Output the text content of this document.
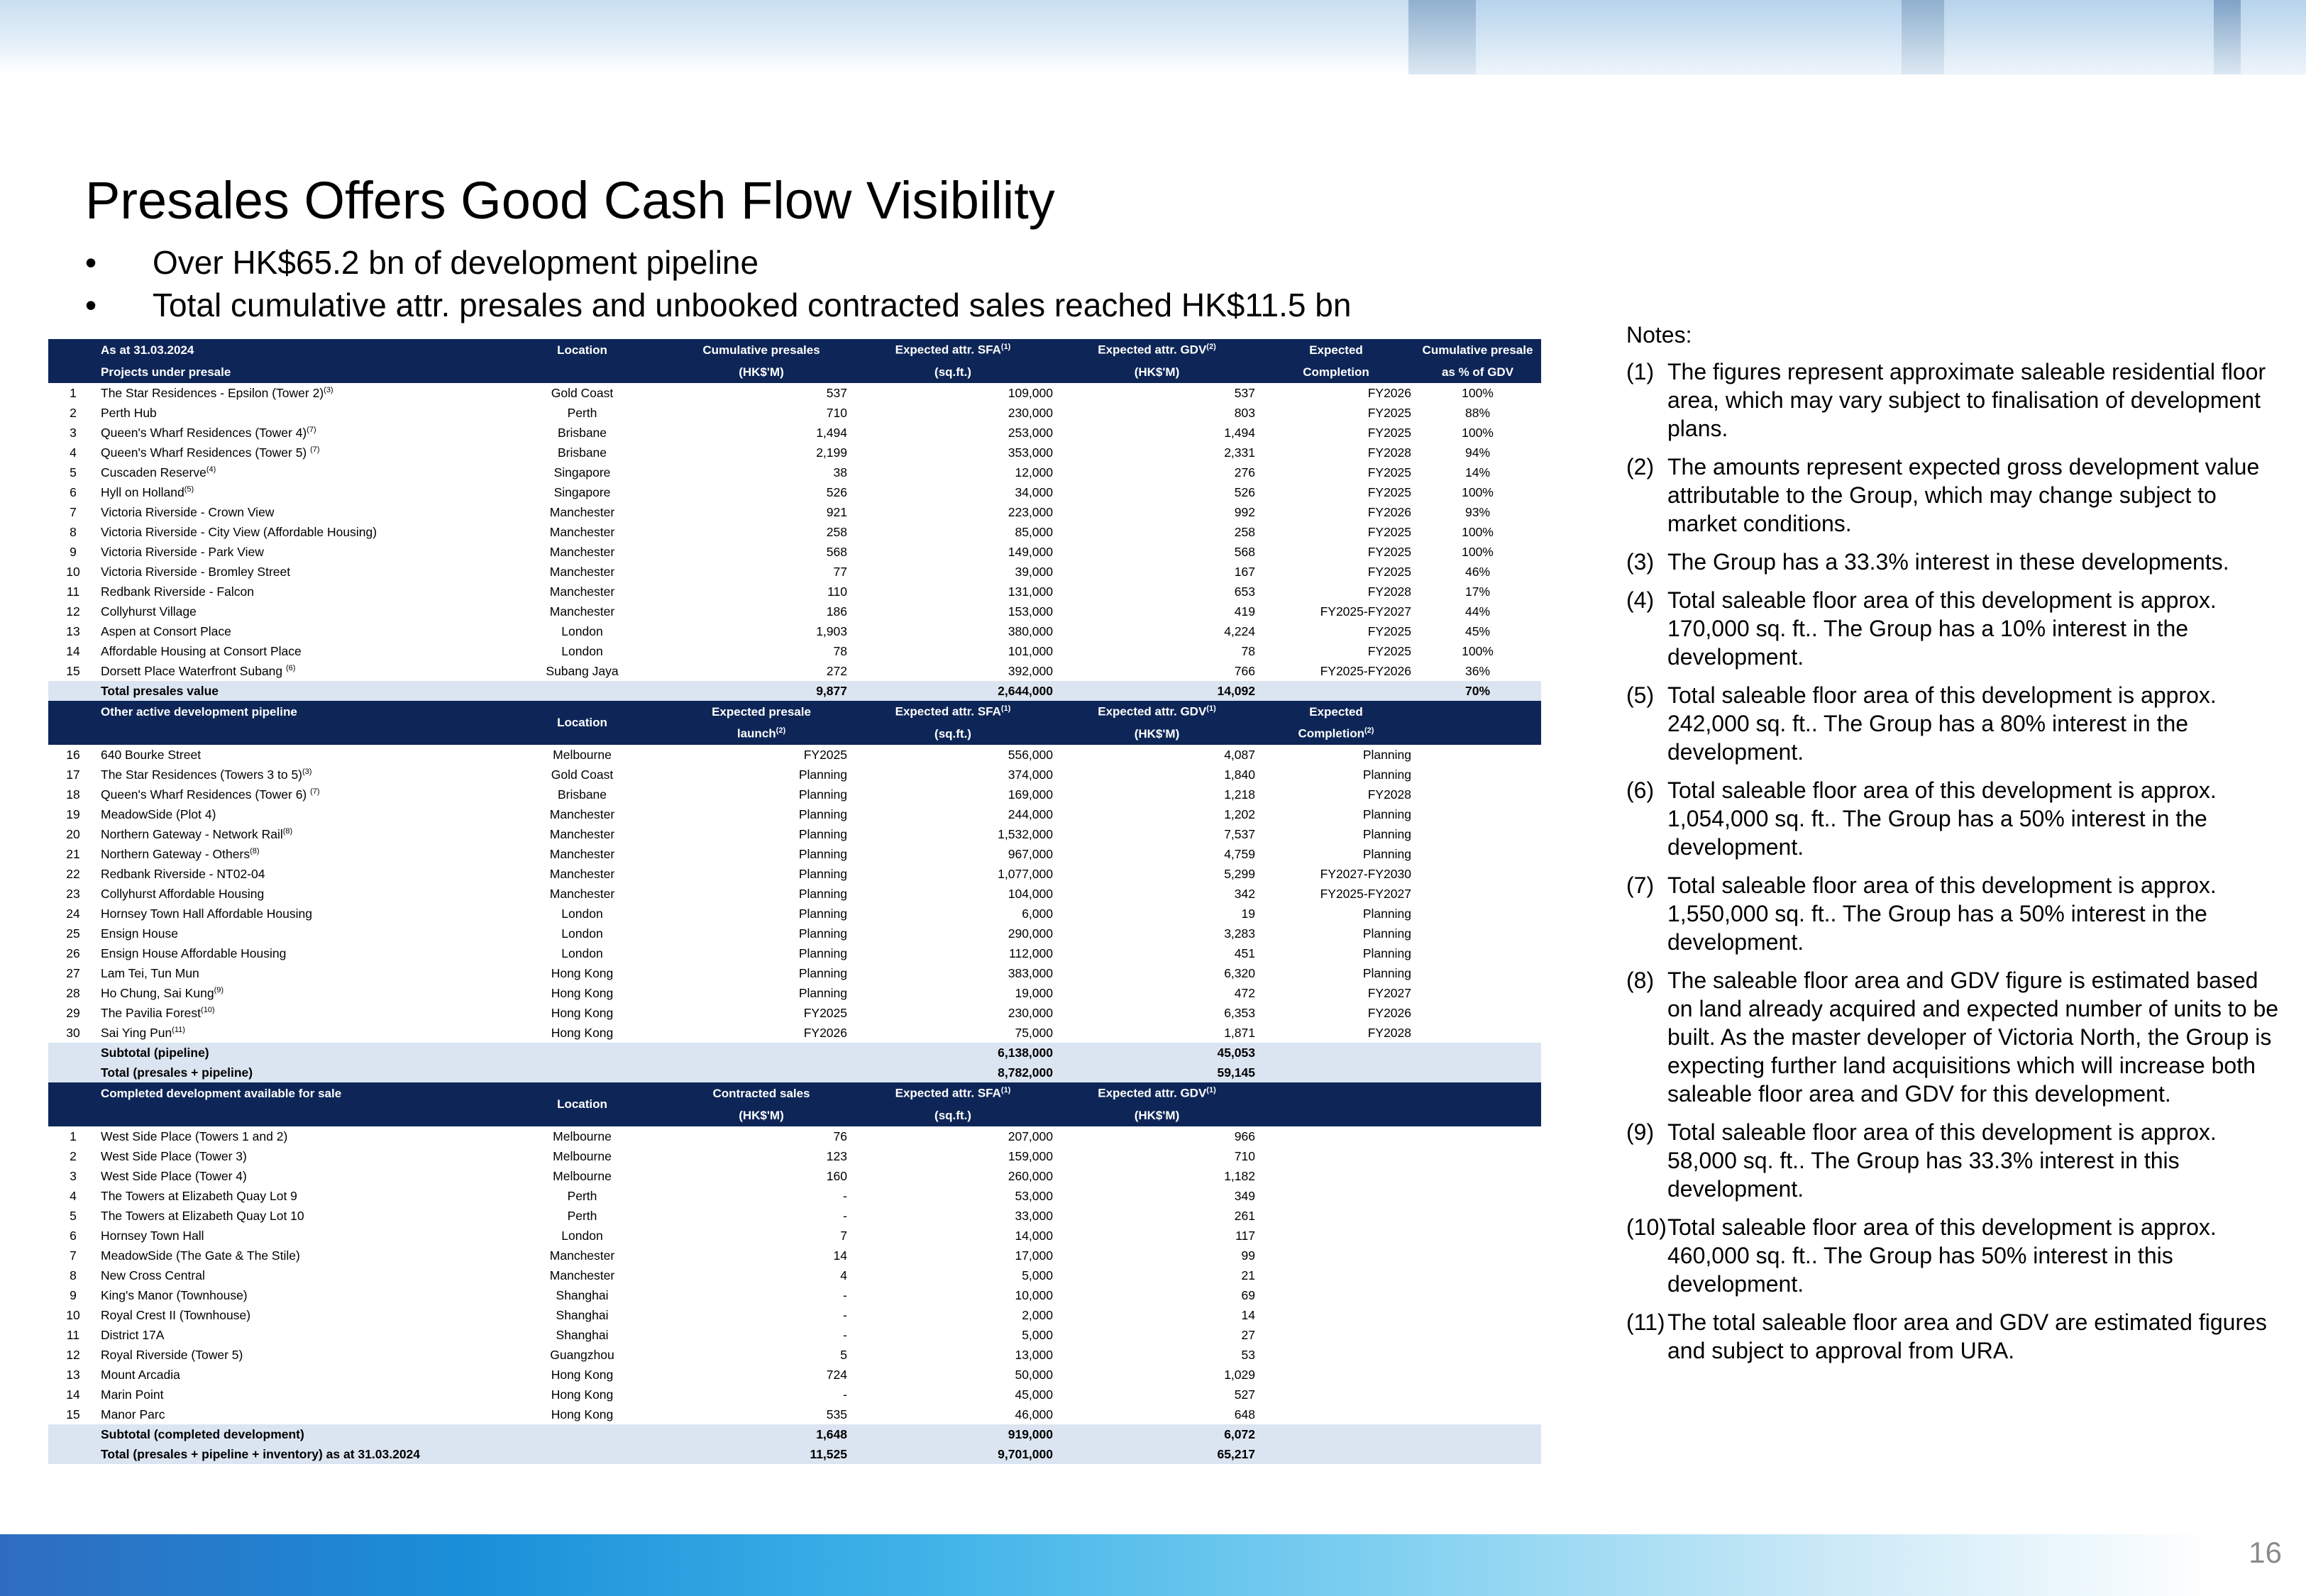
Presales Offers Good Cash Flow Visibility
• Over HK$65.2 bn of development pipeline
• Total cumulative attr. presales and unbooked contracted sales reached HK$11.5 bn
	As at 31.03.2024	Location	Cumulative presales	Expected attr. SFA$^{(1)}$	Expected attr. GDV$^{(2)}$	Expected	Cumulative presale
	Projects under presale		(HK$'M)	(sq.ft.)	(HK$'M)	Completion	as % of GDV
1	The Star Residences - Epsilon (Tower 2)$^{(3)}$	Gold Coast	537	109,000	537	FY2026	100%
2	Perth Hub	Perth	710	230,000	803	FY2025	88%
3	Queen's Wharf Residences (Tower 4)$^{(7)}$	Brisbane	1,494	253,000	1,494	FY2025	100%
4	Queen's Wharf Residences (Tower 5) $^{(7)}$	Brisbane	2,199	353,000	2,331	FY2028	94%
5	Cuscaden Reserve$^{(4)}$	Singapore	38	12,000	276	FY2025	14%
6	Hyll on Holland$^{(5)}$	Singapore	526	34,000	526	FY2025	100%
7	Victoria Riverside - Crown View	Manchester	921	223,000	992	FY2026	93%
8	Victoria Riverside - City View (Affordable Housing)	Manchester	258	85,000	258	FY2025	100%
9	Victoria Riverside - Park View	Manchester	568	149,000	568	FY2025	100%
10	Victoria Riverside - Bromley Street	Manchester	77	39,000	167	FY2025	46%
11	Redbank Riverside - Falcon	Manchester	110	131,000	653	FY2028	17%
12	Collyhurst Village	Manchester	186	153,000	419	FY2025-FY2027	44%
13	Aspen at Consort Place	London	1,903	380,000	4,224	FY2025	45%
14	Affordable Housing at Consort Place	London	78	101,000	78	FY2025	100%
15	Dorsett Place Waterfront Subang $^{(6)}$	Subang Jaya	272	392,000	766	FY2025-FY2026	36%
	Total presales value		9,877	2,644,000	14,092		70%
	Other active development pipeline	Location	Expected presale	Expected attr. SFA$^{(1)}$	Expected attr. GDV$^{(1)}$	Expected	
			launch$^{(2)}$	(sq.ft.)	(HK$'M)	Completion$^{(2)}$	
16	640 Bourke Street	Melbourne	FY2025	556,000	4,087	Planning	
17	The Star Residences (Towers 3 to 5)$^{(3)}$	Gold Coast	Planning	374,000	1,840	Planning	
18	Queen's Wharf Residences (Tower 6) $^{(7)}$	Brisbane	Planning	169,000	1,218	FY2028	
19	MeadowSide (Plot 4)	Manchester	Planning	244,000	1,202	Planning	
20	Northern Gateway - Network Rail$^{(8)}$	Manchester	Planning	1,532,000	7,537	Planning	
21	Northern Gateway - Others$^{(8)}$	Manchester	Planning	967,000	4,759	Planning	
22	Redbank Riverside - NT02-04	Manchester	Planning	1,077,000	5,299	FY2027-FY2030	
23	Collyhurst Affordable Housing	Manchester	Planning	104,000	342	FY2025-FY2027	
24	Hornsey Town Hall Affordable Housing	London	Planning	6,000	19	Planning	
25	Ensign House	London	Planning	290,000	3,283	Planning	
26	Ensign House Affordable Housing	London	Planning	112,000	451	Planning	
27	Lam Tei, Tun Mun	Hong Kong	Planning	383,000	6,320	Planning	
28	Ho Chung, Sai Kung$^{(9)}$	Hong Kong	Planning	19,000	472	FY2027	
29	The Pavilia Forest$^{(10)}$	Hong Kong	FY2025	230,000	6,353	FY2026	
30	Sai Ying Pun$^{(11)}$	Hong Kong	FY2026	75,000	1,871	FY2028	
	Subtotal (pipeline)			6,138,000	45,053		
	Total (presales + pipeline)			8,782,000	59,145		
	Completed development available for sale	Location	Contracted sales	Expected attr. SFA$^{(1)}$	Expected attr. GDV$^{(1)}$		
			(HK$'M)	(sq.ft.)	(HK$'M)		
1	West Side Place (Towers 1 and 2)	Melbourne	76	207,000	966		
2	West Side Place (Tower 3)	Melbourne	123	159,000	710		
3	West Side Place (Tower 4)	Melbourne	160	260,000	1,182		
4	The Towers at Elizabeth Quay Lot 9	Perth	-	53,000	349		
5	The Towers at Elizabeth Quay Lot 10	Perth	-	33,000	261		
6	Hornsey Town Hall	London	7	14,000	117		
7	MeadowSide (The Gate & The Stile)	Manchester	14	17,000	99		
8	New Cross Central	Manchester	4	5,000	21		
9	King's Manor (Townhouse)	Shanghai	-	10,000	69		
10	Royal Crest II (Townhouse)	Shanghai	-	2,000	14		
11	District 17A	Shanghai	-	5,000	27		
12	Royal Riverside (Tower 5)	Guangzhou	5	13,000	53		
13	Mount Arcadia	Hong Kong	724	50,000	1,029		
14	Marin Point	Hong Kong	-	45,000	527		
15	Manor Parc	Hong Kong	535	46,000	648		
	Subtotal (completed development)		1,648	919,000	6,072		
	Total (presales + pipeline + inventory) as at 31.03.2024		11,525	9,701,000	65,217		
Notes:
(1) The figures represent approximate saleable residential floor area, which may vary subject to finalisation of development plans.
(2) The amounts represent expected gross development value attributable to the Group, which may change subject to market conditions.
(3) The Group has a 33.3% interest in these developments.
(4) Total saleable floor area of this development is approx. 170,000 sq. ft.. The Group has a 10% interest in the development.
(5) Total saleable floor area of this development is approx. 242,000 sq. ft.. The Group has a 80% interest in the development.
(6) Total saleable floor area of this development is approx. 1,054,000 sq. ft.. The Group has a 50% interest in the development.
(7) Total saleable floor area of this development is approx. 1,550,000 sq. ft.. The Group has a 50% interest in the development.
(8) The saleable floor area and GDV figure is estimated based on land already acquired and expected number of units to be built. As the master developer of Victoria North, the Group is expecting further land acquisitions which will increase both saleable floor area and GDV for this development.
(9) Total saleable floor area of this development is approx. 58,000 sq. ft.. The Group has 33.3% interest in this development.
(10) Total saleable floor area of this development is approx. 460,000 sq. ft.. The Group has 50% interest in this development.
(11) The total saleable floor area and GDV are estimated figures and subject to approval from URA.
16
